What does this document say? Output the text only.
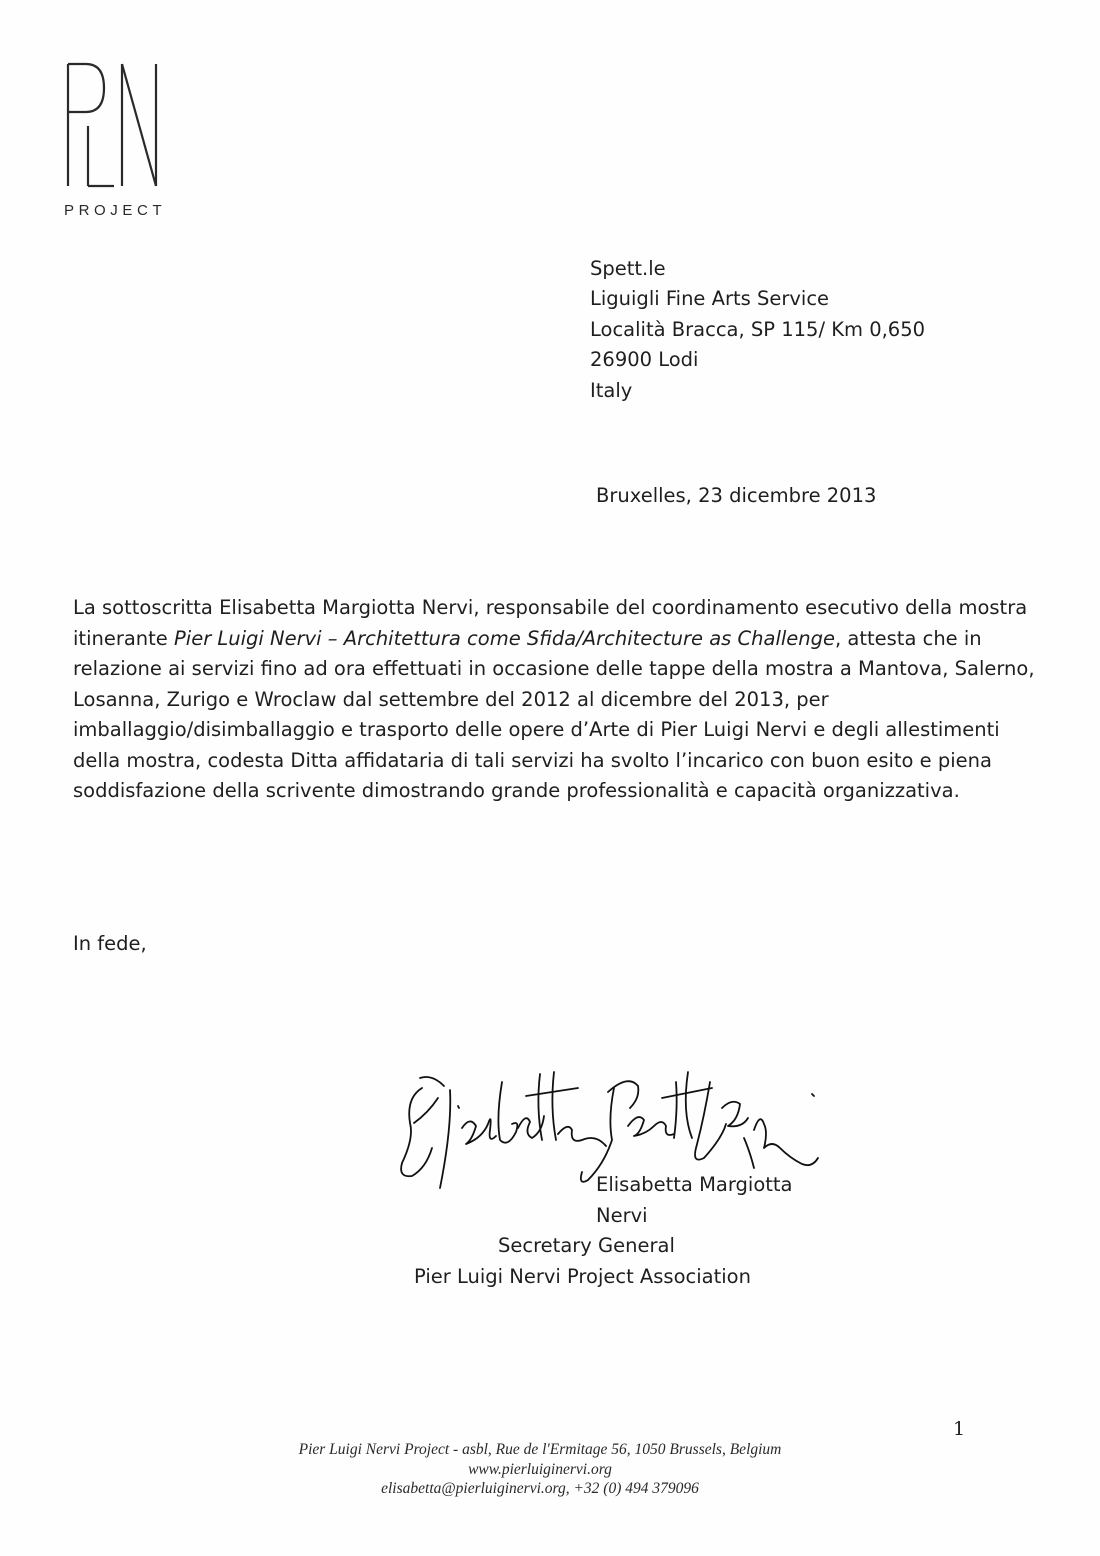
PROJECT
Spett.le
Liguigli Fine Arts Service
Località Bracca, SP 115/ Km 0,650
26900 Lodi
Italy
Bruxelles, 23 dicembre 2013

La sottoscritta Elisabetta Margiotta Nervi, responsabile del coordinamento esecutivo della mostra itinerante Pier Luigi Nervi – Architettura come Sfida/Architecture as Challenge, attesta che in relazione ai servizi fino ad ora effettuati in occasione delle tappe della mostra a Mantova, Salerno, Losanna, Zurigo e Wroclaw dal settembre del 2012 al dicembre del 2013, per imballaggio/disimballaggio e trasporto delle opere d’Arte di Pier Luigi Nervi e degli allestimenti della mostra, codesta Ditta affidataria di tali servizi ha svolto l’incarico con buon esito e piena soddisfazione della scrivente dimostrando grande professionalità e capacità organizzativa.

In fede,
Elisabetta Margiotta Nervi
Secretary General
Pier Luigi Nervi Project Association
1
Pier Luigi Nervi Project - asbl, Rue de l'Ermitage 56, 1050 Brussels, Belgium
www.pierluiginervi.org
elisabetta@pierluiginervi.org, +32 (0) 494 379096
